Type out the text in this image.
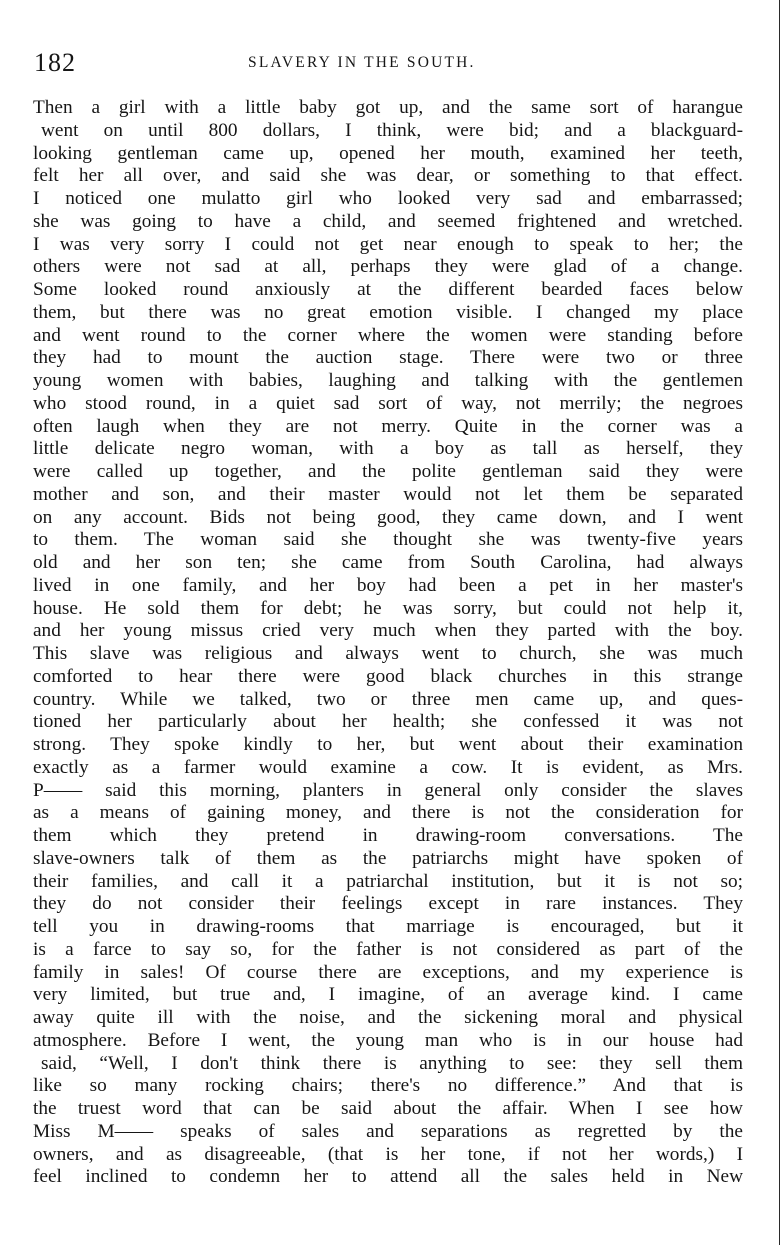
182	SLAVERY IN THE SOUTH.
Then a girl with a little baby got up, and the same sort of harangue
went on until 800 dollars, I think, were bid; and a blackguard-
looking gentleman came up, opened her mouth, examined her teeth,
felt her all over, and said she was dear, or something to that effect.
I noticed one mulatto girl who looked very sad and embarrassed;
she was going to have a child, and seemed frightened and wretched.
I was very sorry I could not get near enough to speak to her; the
others were not sad at all, perhaps they were glad of a change.
Some looked round anxiously at the different bearded faces below
them, but there was no great emotion visible. I changed my place
and went round to the corner where the women were standing before
they had to mount the auction stage. There were two or three
young women with babies, laughing and talking with the gentlemen
who stood round, in a quiet sad sort of way, not merrily; the negroes
often laugh when they are not merry. Quite in the corner was a
little delicate negro woman, with a boy as tall as herself, they
were called up together, and the polite gentleman said they were
mother and son, and their master would not let them be separated
on any account. Bids not being good, they came down, and I went
to them. The woman said she thought she was twenty-five years
old and her son ten; she came from South Carolina, had always
lived in one family, and her boy had been a pet in her master's
house. He sold them for debt; he was sorry, but could not help it,
and her young missus cried very much when they parted with the boy.
This slave was religious and always went to church, she was much
comforted to hear there were good black churches in this strange
country. While we talked, two or three men came up, and ques-
tioned her particularly about her health; she confessed it was not
strong. They spoke kindly to her, but went about their examination
exactly as a farmer would examine a cow. It is evident, as Mrs.
P—— said this morning, planters in general only consider the slaves
as a means of gaining money, and there is not the consideration for
them which they pretend in drawing-room conversations. The
slave-owners talk of them as the patriarchs might have spoken of
their families, and call it a patriarchal institution, but it is not so;
they do not consider their feelings except in rare instances. They
tell you in drawing-rooms that marriage is encouraged, but it
is a farce to say so, for the father is not considered as part of the
family in sales! Of course there are exceptions, and my experience is
very limited, but true and, I imagine, of an average kind. I came
away quite ill with the noise, and the sickening moral and physical
atmosphere. Before I went, the young man who is in our house had
said, “Well, I don't think there is anything to see: they sell them
like so many rocking chairs; there's no difference.” And that is
the truest word that can be said about the affair. When I see how
Miss M—— speaks of sales and separations as regretted by the
owners, and as disagreeable, (that is her tone, if not her words,) I
feel inclined to condemn her to attend all the sales held in New
